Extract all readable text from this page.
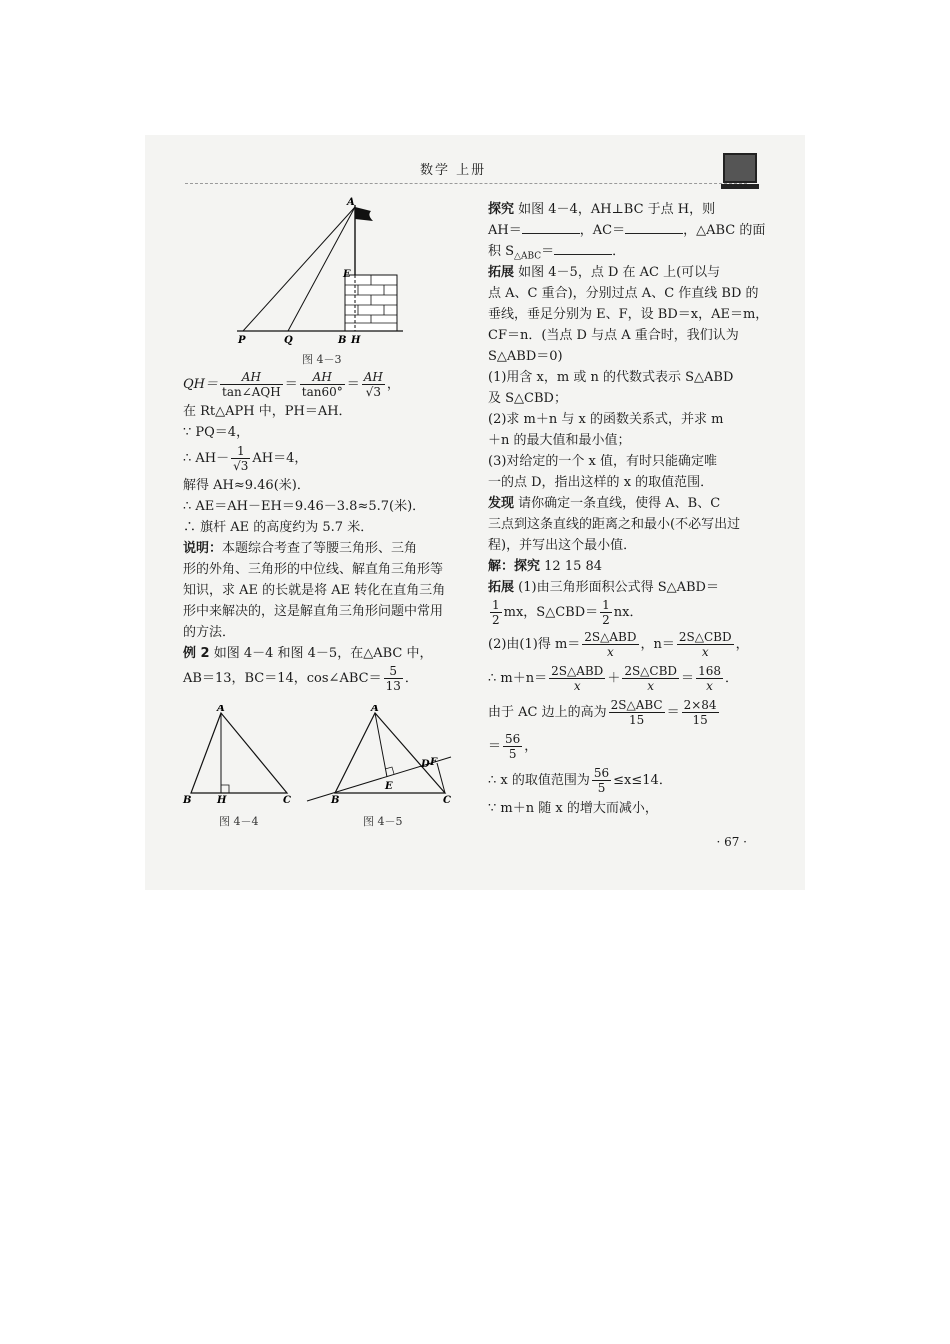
数学 上册
A
E
P	Q	B H
图 4－3
$QH= \frac{AH}{\text{tan∠AQH}} = \frac{AH}{\tan 60^\circ} = \frac{AH}{√3}$ ，
在 Rt△APH 中，PH＝AH．
∵ PQ＝4，
∴ $AH- \frac{1}{√3} AH=4$，
解得 AH≈9.46(米)．
∴ AE＝AH－EH＝9.46－3.8≈5.7(米)．
∴ 旗杆 AE 的高度约为 5.7 米．
说明：本题综合考查了等腰三角形、三角
形的外角、三角形的中位线、解直角三角形等
知识，求 AE 的长就是将 AE 转化在直角三角
形中来解决的，这是解直角三角形问题中常用
的方法．
例 2 如图 4－4 和图 4－5，在△ABC 中，
AB＝13，BC＝14，cos∠ABC＝ $\frac{5}{13}$ ．
A
B	H	C
图 4－4
A
B	C
D
E
F
图 4－5
探究 如图 4－4，AH⊥BC 于点 H，则
AH＝	，AC＝	，△ABC 的面
积 $S_{\triangle ABC}=$	．
拓展 如图 4－5，点 D 在 AC 上(可以与
点 A、C 重合)，分别过点 A、C 作直线 BD 的
垂线，垂足分别为 E、F，设 BD＝x，AE＝m，
CF＝n．(当点 D 与点 A 重合时，我们认为
S△ABD＝0)
(1)用含 x，m 或 n 的代数式表示 S△ABD
及 S△CBD；
(2)求 m＋n 与 x 的函数关系式，并求 m
＋n 的最大值和最小值；
(3)对给定的一个 x 值，有时只能确定唯
一的点 D，指出这样的 x 的取值范围．
发现 请你确定一条直线，使得 A、B、C
三点到这条直线的距离之和最小(不必写出过
程)，并写出这个最小值．
解：探究 12 15 84
拓展 (1)由三角形面积公式得 S△ABD＝
$\frac{1}{2}$ mx，S△CBD＝ $\frac{1}{2}$ nx．
(2)由(1)得 $m= \frac{\text{2S△ABD}}{x}$ ，$n= \frac{\text{2S△CBD}}{x}$ ，
∴ $m+n= \frac{\text{2S△ABD}}{x} + \frac{\text{2S△CBD}}{x} = \frac{168}{x}$ ．
由于 AC 边上的高为 $\frac{\text{2S△ABC}}{15} = \frac{2\times 84}{15}$
＝ $\frac{56}{5}$ ，
∴ x 的取值范围为 $\frac{56}{5} \le x\le 14$．
∵ m＋n 随 x 的增大而减小，
· 67 ·
